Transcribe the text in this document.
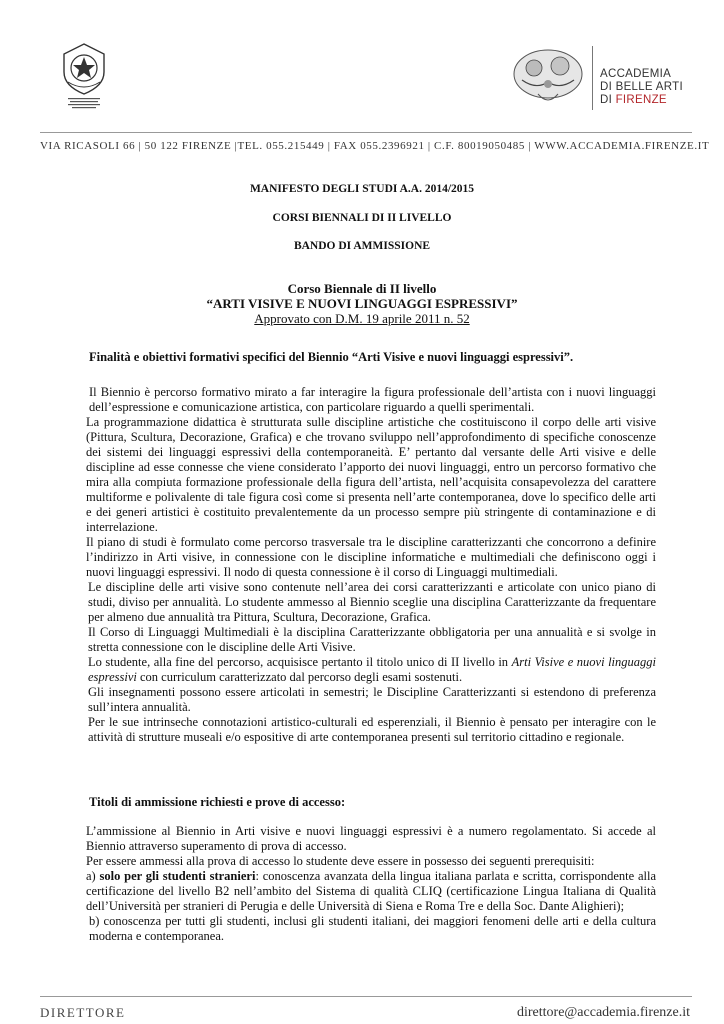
ACCADEMIA
DI BELLE ARTI
DI FIRENZE
VIA RICASOLI 66 | 50 122 FIRENZE |TEL. 055.215449 | FAX 055.2396921 | C.F. 80019050485 | WWW.ACCADEMIA.FIRENZE.IT
MANIFESTO DEGLI STUDI A.A. 2014/2015
CORSI BIENNALI DI II LIVELLO
BANDO DI AMMISSIONE
Corso Biennale di II livello
“ARTI VISIVE E NUOVI LINGUAGGI ESPRESSIVI”
Approvato con D.M. 19 aprile 2011 n. 52
Finalità e obiettivi formativi specifici del Biennio “Arti Visive e nuovi linguaggi espressivi”.

Il Biennio è percorso formativo mirato a far interagire la figura professionale dell’artista con i nuovi linguaggi dell’espressione e comunicazione artistica, con particolare riguardo a quelli sperimentali.

La programmazione didattica è strutturata sulle discipline artistiche che costituiscono il corpo delle arti visive (Pittura, Scultura, Decorazione, Grafica) e che trovano sviluppo nell’approfondimento di specifiche conoscenze dei sistemi dei linguaggi espressivi della contemporaneità. E’ pertanto dal versante delle Arti visive e delle discipline ad esse connesse che viene considerato l’apporto dei nuovi linguaggi, entro un percorso formativo che mira alla compiuta formazione professionale della figura dell’artista, nell’acquisita consapevolezza del carattere multiforme e polivalente di tale figura così come si presenta nell’arte contemporanea, dove lo specifico delle arti e dei generi artistici è costituito prevalentemente da un processo sempre più stringente di contaminazione e di interrelazione.

Il piano di studi è formulato come percorso trasversale tra le discipline caratterizzanti che concorrono a definire l’indirizzo in Arti visive, in connessione con le discipline informatiche e multimediali che definiscono oggi i nuovi linguaggi espressivi. Il nodo di questa connessione è il corso di Linguaggi multimediali.

Le discipline delle arti visive sono contenute nell’area dei corsi caratterizzanti e articolate con unico piano di studi, diviso per annualità. Lo studente ammesso al Biennio sceglie una disciplina Caratterizzante da frequentare per almeno due annualità tra Pittura, Scultura, Decorazione, Grafica.

Il Corso di Linguaggi Multimediali è la disciplina Caratterizzante obbligatoria per una annualità e si svolge in stretta connessione con le discipline delle Arti Visive.

Lo studente, alla fine del percorso, acquisisce pertanto il titolo unico di II livello in Arti Visive e nuovi linguaggi espressivi con curriculum caratterizzato dal percorso degli esami sostenuti.

Gli insegnamenti possono essere articolati in semestri; le Discipline Caratterizzanti si estendono di preferenza sull’intera annualità.

Per le sue intrinseche connotazioni artistico-culturali ed esperenziali, il Biennio è pensato per interagire con le attività di strutture museali e/o espositive di arte contemporanea presenti sul territorio cittadino e regionale.

Titoli di ammissione richiesti e prove di accesso:

L’ammissione al Biennio in Arti visive e nuovi linguaggi espressivi è a numero regolamentato. Si accede al Biennio attraverso superamento di prova di accesso.

Per essere ammessi alla prova di accesso lo studente deve essere in possesso dei seguenti prerequisiti:

a) solo per gli studenti stranieri: conoscenza avanzata della lingua italiana parlata e scritta, corrispondente alla certificazione del livello B2 nell’ambito del Sistema di qualità CLIQ (certificazione Lingua Italiana di Qualità dell’Università per stranieri di Perugia e delle Università di Siena e Roma Tre e della Soc. Dante Alighieri);

b) conoscenza per tutti gli studenti, inclusi gli studenti italiani, dei maggiori fenomeni delle arti e della cultura moderna e contemporanea.

DIRETTORE	direttore@accademia.firenze.it
